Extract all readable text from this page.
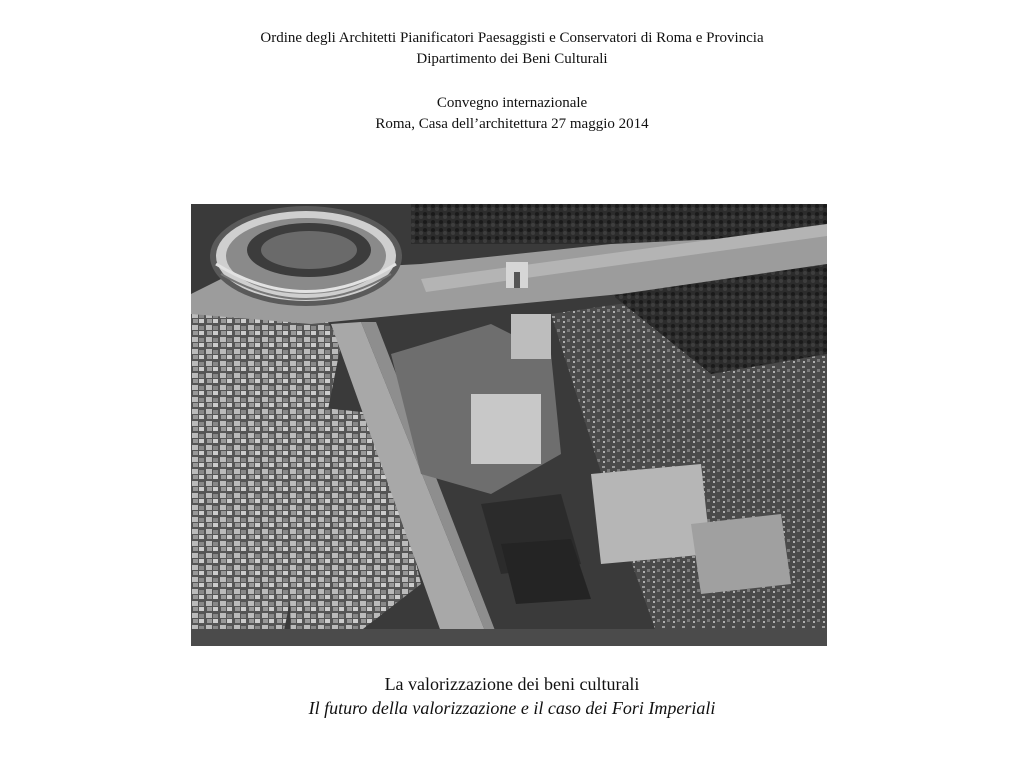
Ordine degli Architetti Pianificatori Paesaggisti e Conservatori di Roma e Provincia
Dipartimento dei Beni Culturali
Convegno internazionale
Roma, Casa dell’architettura 27 maggio 2014
La valorizzazione dei beni culturali
Il futuro della valorizzazione e il caso dei Fori Imperiali
